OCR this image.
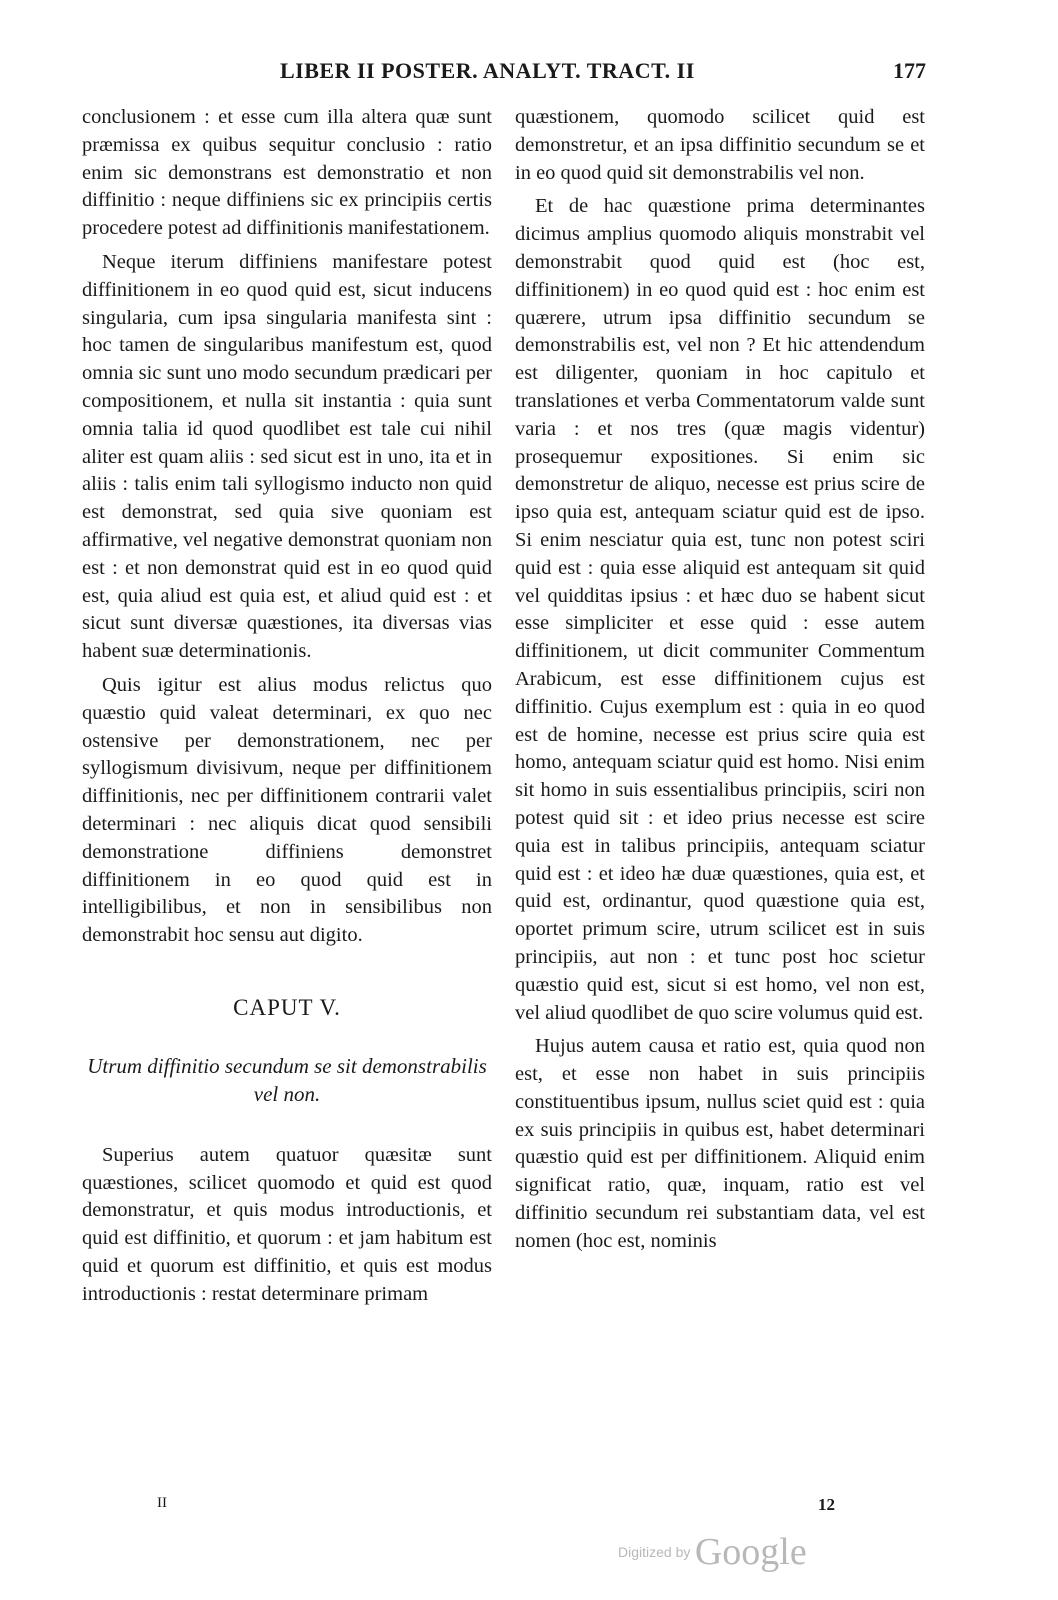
LIBER II POSTER. ANALYT. TRACT. II	177

conclusionem : et esse cum illa altera quæ sunt præmissa ex quibus sequitur conclusio : ratio enim sic demonstrans est demonstratio et non diffinitio : neque diffiniens sic ex principiis certis procedere potest ad diffinitionis manifestationem.

Neque iterum diffiniens manifestare potest diffinitionem in eo quod quid est, sicut inducens singularia, cum ipsa singularia manifesta sint : hoc tamen de singularibus manifestum est, quod omnia sic sunt uno modo secundum prædicari per compositionem, et nulla sit instantia : quia sunt omnia talia id quod quodlibet est tale cui nihil aliter est quam aliis : sed sicut est in uno, ita et in aliis : talis enim tali syllogismo inducto non quid est demonstrat, sed quia sive quoniam est affirmative, vel negative demonstrat quoniam non est : et non demonstrat quid est in eo quod quid est, quia aliud est quia est, et aliud quid est : et sicut sunt diversæ quæstiones, ita diversas vias habent suæ determinationis.

Quis igitur est alius modus relictus quo quæstio quid valeat determinari, ex quo nec ostensive per demonstrationem, nec per syllogismum divisivum, neque per diffinitionem diffinitionis, nec per diffinitionem contrarii valet determinari : nec aliquis dicat quod sensibili demonstratione diffiniens demonstret diffinitionem in eo quod quid est in intelligibilibus, et non in sensibilibus non demonstrabit hoc sensu aut digito.

CAPUT V.
Utrum diffinitio secundum se sit demonstrabilis vel non.

Superius autem quatuor quæsitæ sunt quæstiones, scilicet quomodo et quid est quod demonstratur, et quis modus introductionis, et quid est diffinitio, et quorum : et jam habitum est quid et quorum est diffinitio, et quis est modus introductionis : restat determinare primam

quæstionem, quomodo scilicet quid est demonstretur, et an ipsa diffinitio secundum se et in eo quod quid sit demonstrabilis vel non.

Et de hac quæstione prima determinantes dicimus amplius quomodo aliquis monstrabit vel demonstrabit quod quid est (hoc est, diffinitionem) in eo quod quid est : hoc enim est quærere, utrum ipsa diffinitio secundum se demonstrabilis est, vel non ? Et hic attendendum est diligenter, quoniam in hoc capitulo et translationes et verba Commentatorum valde sunt varia : et nos tres (quæ magis videntur) prosequemur expositiones. Si enim sic demonstretur de aliquo, necesse est prius scire de ipso quia est, antequam sciatur quid est de ipso. Si enim nesciatur quia est, tunc non potest sciri quid est : quia esse aliquid est antequam sit quid vel quidditas ipsius : et hæc duo se habent sicut esse simpliciter et esse quid : esse autem diffinitionem, ut dicit communiter Commentum Arabicum, est esse diffinitionem cujus est diffinitio. Cujus exemplum est : quia in eo quod est de homine, necesse est prius scire quia est homo, antequam sciatur quid est homo. Nisi enim sit homo in suis essentialibus principiis, sciri non potest quid sit : et ideo prius necesse est scire quia est in talibus principiis, antequam sciatur quid est : et ideo hæ duæ quæstiones, quia est, et quid est, ordinantur, quod quæstione quia est, oportet primum scire, utrum scilicet est in suis principiis, aut non : et tunc post hoc scietur quæstio quid est, sicut si est homo, vel non est, vel aliud quodlibet de quo scire volumus quid est.

Hujus autem causa et ratio est, quia quod non est, et esse non habet in suis principiis constituentibus ipsum, nullus sciet quid est : quia ex suis principiis in quibus est, habet determinari quæstio quid est per diffinitionem. Aliquid enim significat ratio, quæ, inquam, ratio est vel diffinitio secundum rei substantiam data, vel est nomen (hoc est, nominis

II	12
Digitized by Google
